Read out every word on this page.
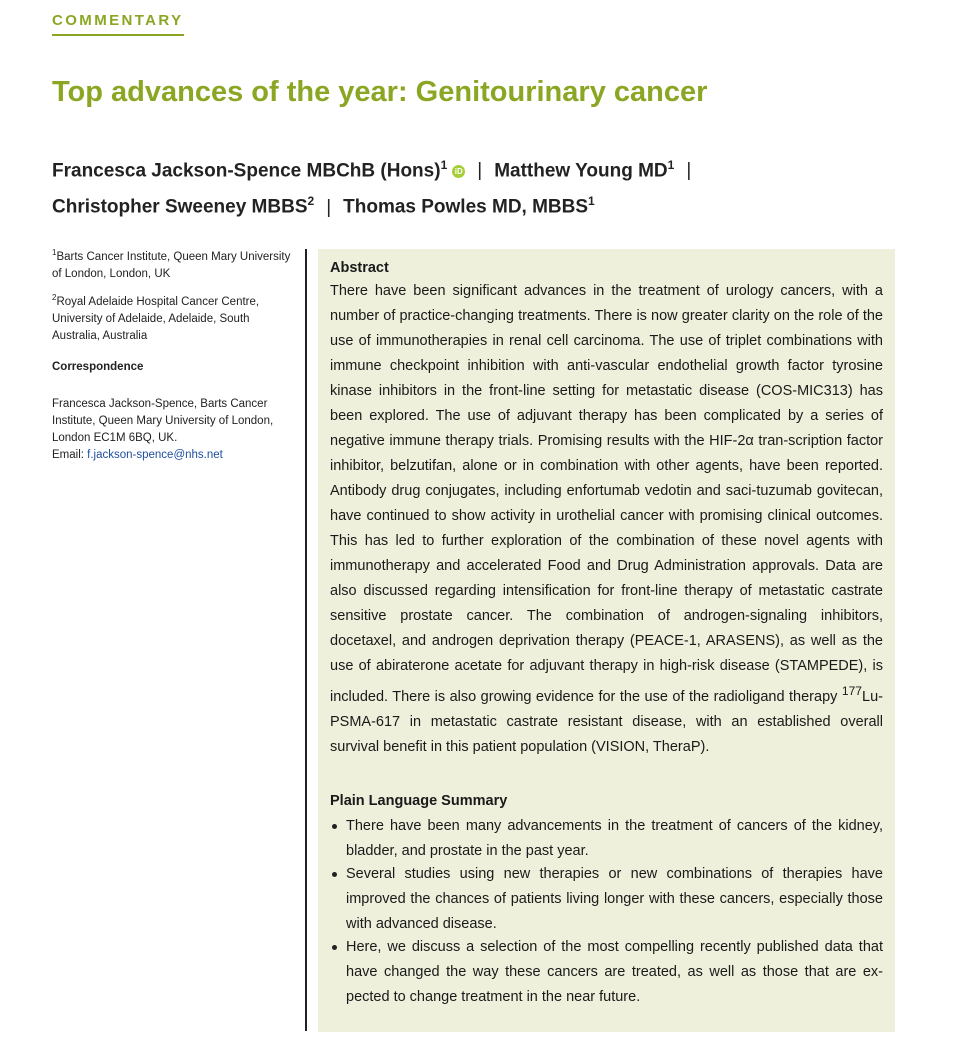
COMMENTARY
Top advances of the year: Genitourinary cancer
Francesca Jackson-Spence MBChB (Hons)$^1$ iD | Matthew Young $MD^1$ |
Christopher Sweeney MBBS$^2$ | Thomas Powles MD, MBBS$^1$
$^1$Barts Cancer Institute, Queen Mary University of London, London, UK
$^2$Royal Adelaide Hospital Cancer Centre, University of Adelaide, Adelaide, South Australia, Australia
Correspondence
Francesca Jackson-Spence, Barts Cancer Institute, Queen Mary University of London, London EC1M 6BQ, UK.
Email: f.jackson-spence@nhs.net
Abstract

There have been significant advances in the treatment of urology cancers, with a number of practice-changing treatments. There is now greater clarity on the role of the use of immunotherapies in renal cell carcinoma. The use of triplet combinations with immune checkpoint inhibition with anti-vascular endothelial growth factor tyrosine kinase inhibitors in the front-line setting for metastatic disease (COS-MIC313) has been explored. The use of adjuvant therapy has been complicated by a series of negative immune therapy trials. Promising results with the HIF-2α tran-scription factor inhibitor, belzutifan, alone or in combination with other agents, have been reported. Antibody drug conjugates, including enfortumab vedotin and saci-tuzumab govitecan, have continued to show activity in urothelial cancer with promising clinical outcomes. This has led to further exploration of the combination of these novel agents with immunotherapy and accelerated Food and Drug Administration approvals. Data are also discussed regarding intensification for front-line therapy of metastatic castrate sensitive prostate cancer. The combination of androgen-signaling inhibitors, docetaxel, and androgen deprivation therapy (PEACE-1, ARASENS), as well as the use of abiraterone acetate for adjuvant therapy in high-risk disease (STAMPEDE), is included. There is also growing evidence for the use of the radioligand therapy $^{177}$Lu-PSMA-617 in metastatic castrate resistant disease, with an established overall survival benefit in this patient population (VISION, TheraP).

Plain Language Summary
There have been many advancements in the treatment of cancers of the kidney, bladder, and prostate in the past year.
Several studies using new therapies or new combinations of therapies have improved the chances of patients living longer with these cancers, especially those with advanced disease.
Here, we discuss a selection of the most compelling recently published data that have changed the way these cancers are treated, as well as those that are ex-pected to change treatment in the near future.
